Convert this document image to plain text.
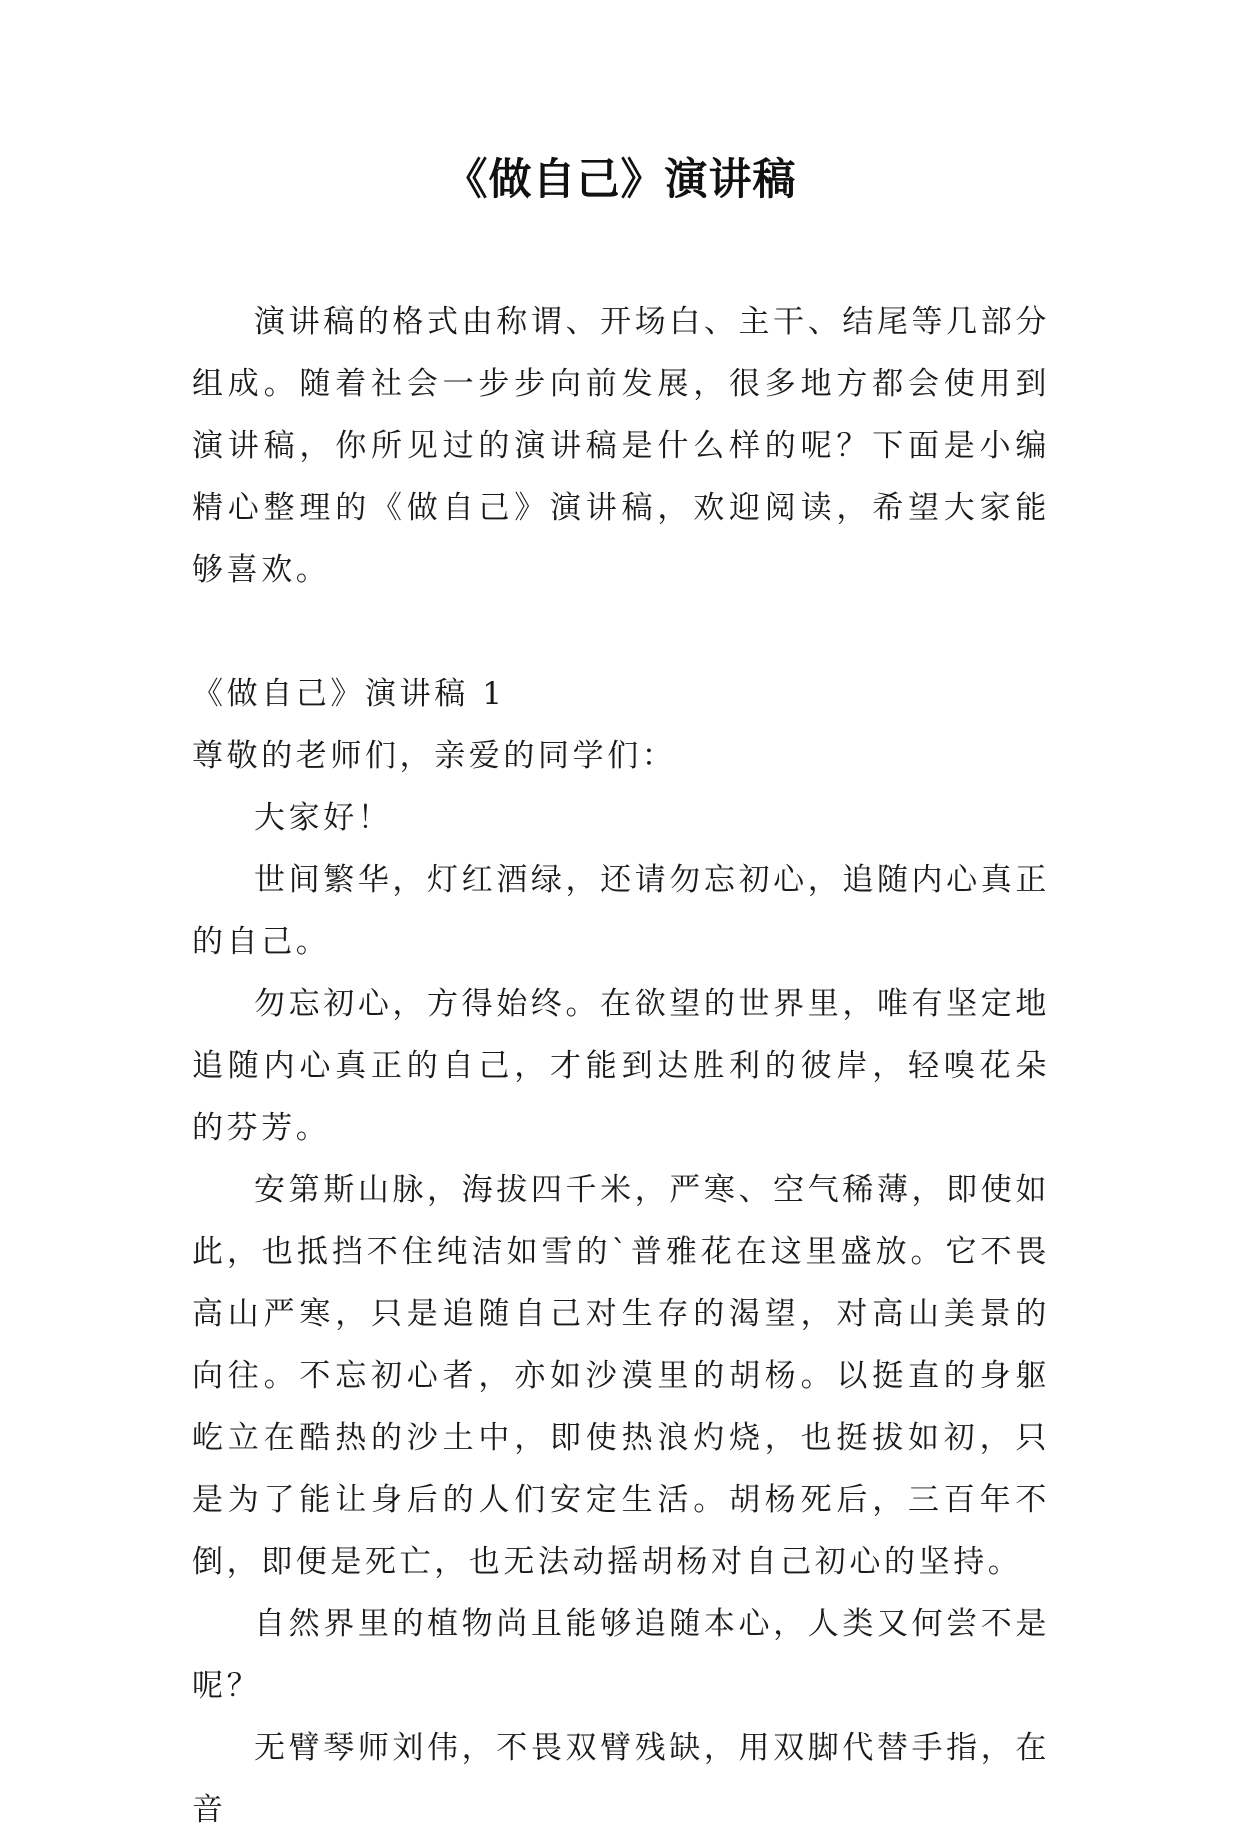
《做自己》演讲稿

演讲稿的格式由称谓、开场白、主干、结尾等几部分组成。随着社会一步步向前发展，很多地方都会使用到演讲稿，你所见过的演讲稿是什么样的呢？下面是小编精心整理的《做自己》演讲稿，欢迎阅读，希望大家能够喜欢。

《做自己》演讲稿 1

尊敬的老师们，亲爱的同学们：

大家好！

世间繁华，灯红酒绿，还请勿忘初心，追随内心真正的自己。

勿忘初心，方得始终。在欲望的世界里，唯有坚定地追随内心真正的自己，才能到达胜利的彼岸，轻嗅花朵的芬芳。

安第斯山脉，海拔四千米，严寒、空气稀薄，即使如此，也抵挡不住纯洁如雪的`普雅花在这里盛放。它不畏高山严寒，只是追随自己对生存的渴望，对高山美景的向往。不忘初心者，亦如沙漠里的胡杨。以挺直的身躯屹立在酷热的沙土中，即使热浪灼烧，也挺拔如初，只是为了能让身后的人们安定生活。胡杨死后，三百年不倒，即便是死亡，也无法动摇胡杨对自己初心的坚持。

自然界里的植物尚且能够追随本心，人类又何尝不是呢？

无臂琴师刘伟，不畏双臂残缺，用双脚代替手指，在音
